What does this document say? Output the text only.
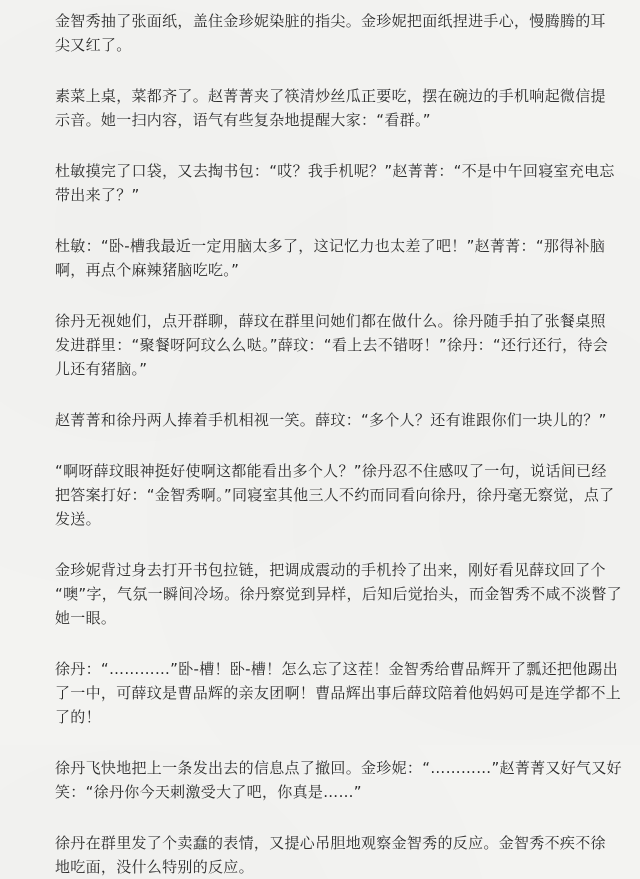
金智秀抽了张面纸，盖住金珍妮染脏的指尖。金珍妮把面纸捏进手心，慢腾腾的耳
尖又红了。

素菜上桌，菜都齐了。赵菁菁夹了筷清炒丝瓜正要吃，摆在碗边的手机响起微信提
示音。她一扫内容，语气有些复杂地提醒大家：“看群。”

杜敏摸完了口袋，又去掏书包：“哎？我手机呢？”赵菁菁：“不是中午回寝室充电忘
带出来了？”

杜敏：“卧-槽我最近一定用脑太多了，这记忆力也太差了吧！”赵菁菁：“那得补脑
啊，再点个麻辣猪脑吃吃。”

徐丹无视她们，点开群聊，薛玟在群里问她们都在做什么。徐丹随手拍了张餐桌照
发进群里：“聚餐呀阿玟么么哒。”薛玟：“看上去不错呀！”徐丹：“还行还行，待会
儿还有猪脑。”

赵菁菁和徐丹两人捧着手机相视一笑。薛玟：“多个人？还有谁跟你们一块儿的？”

“啊呀薛玟眼神挺好使啊这都能看出多个人？”徐丹忍不住感叹了一句，说话间已经
把答案打好：“金智秀啊。”同寝室其他三人不约而同看向徐丹，徐丹毫无察觉，点了
发送。

金珍妮背过身去打开书包拉链，把调成震动的手机拎了出来，刚好看见薛玟回了个
“噢”字，气氛一瞬间冷场。徐丹察觉到异样，后知后觉抬头，而金智秀不咸不淡瞥了
她一眼。

徐丹：“…………”卧-槽！卧-槽！怎么忘了这茬！金智秀给曹品辉开了瓢还把他踢出
了一中，可薛玟是曹品辉的亲友团啊！曹品辉出事后薛玟陪着他妈妈可是连学都不上
了的！

徐丹飞快地把上一条发出去的信息点了撤回。金珍妮：“…………”赵菁菁又好气又好
笑：“徐丹你今天刺激受大了吧，你真是……”

徐丹在群里发了个卖蠢的表情，又提心吊胆地观察金智秀的反应。金智秀不疾不徐
地吃面，没什么特别的反应。
